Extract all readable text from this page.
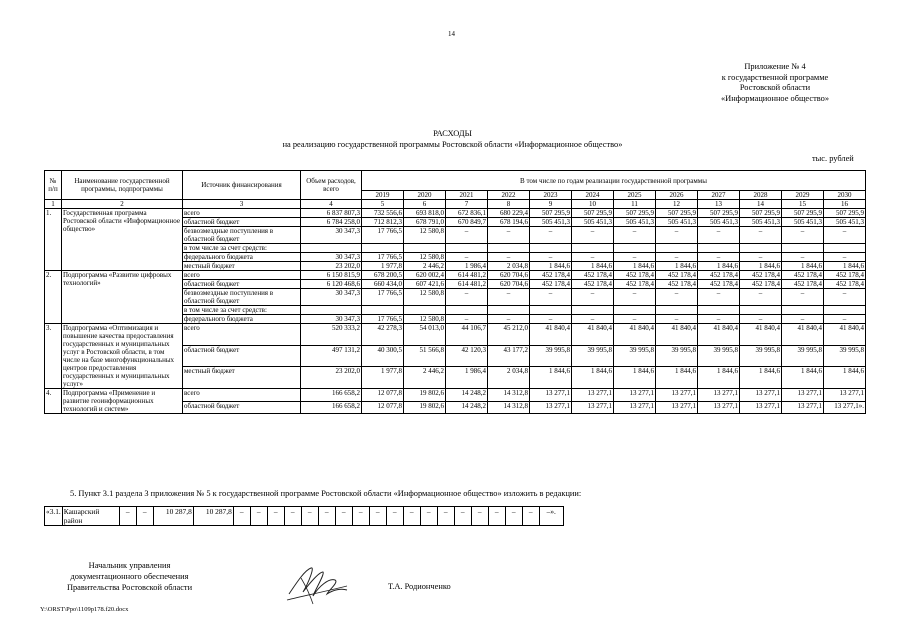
14
Приложение № 4
к государственной программе
Ростовской области
«Информационное общество»
РАСХОДЫ
на реализацию государственной программы Ростовской области «Информационное общество»
тыс. рублей
№ п/п	Наименование государственной программы, подпрограммы	Источник финансирования	Объем расходов, всего	В том числе по годам реализации государственной программы											
				2019	2020	2021	2022	2023	2024	2025	2026	2027	2028	2029	2030
1	2	3	4	5	6	7	8	9	10	11	12	13	14	15	16
1.	Государственная программа Ростовской области «Информационное общество»	всего	6 837 807,3	732 556,6	693 818,0	672 836,1	680 229,4	507 295,9	507 295,9	507 295,9	507 295,9	507 295,9	507 295,9	507 295,9	507 295,9
		областной бюджет	6 784 258,0	712 812,3	678 791,0	670 849,7	678 194,6	505 451,3	505 451,3	505 451,3	505 451,3	505 451,3	505 451,3	505 451,3	505 451,3
		безвозмездные поступления в областной бюджет	30 347,3	17 766,5	12 580,8	–	–	–	–	–	–	–	–	–	–
		в том числе за счет средств:													
		федерального бюджета	30 347,3	17 766,5	12 580,8	–	–	–	–	–	–	–	–	–	–
		местный бюджет	23 202,0	1 977,8	2 446,2	1 986,4	2 034,8	1 844,6	1 844,6	1 844,6	1 844,6	1 844,6	1 844,6	1 844,6	1 844,6
2.	Подпрограмма «Развитие цифровых технологий»	всего	6 150 815,9	678 200,5	620 002,4	614 481,2	620 704,6	452 178,4	452 178,4	452 178,4	452 178,4	452 178,4	452 178,4	452 178,4	452 178,4
		областной бюджет	6 120 468,6	660 434,0	607 421,6	614 481,2	620 704,6	452 178,4	452 178,4	452 178,4	452 178,4	452 178,4	452 178,4	452 178,4	452 178,4
		безвозмездные поступления в областной бюджет	30 347,3	17 766,5	12 580,8	–	–	–	–	–	–	–	–	–	–
		в том числе за счет средств:													
		федерального бюджета	30 347,3	17 766,5	12 580,8	–	–	–	–	–	–	–	–	–	–
3.	Подпрограмма «Оптимизация и повышение качества предоставления государственных и муниципальных услуг в Ростовской области, в том числе на базе многофункциональных центров предоставления государственных и муниципальных услуг»	всего	520 333,2	42 278,3	54 013,0	44 106,7	45 212,0	41 840,4	41 840,4	41 840,4	41 840,4	41 840,4	41 840,4	41 840,4	41 840,4
		областной бюджет	497 131,2	40 300,5	51 566,8	42 120,3	43 177,2	39 995,8	39 995,8	39 995,8	39 995,8	39 995,8	39 995,8	39 995,8	39 995,8
		местный бюджет	23 202,0	1 977,8	2 446,2	1 986,4	2 034,8	1 844,6	1 844,6	1 844,6	1 844,6	1 844,6	1 844,6	1 844,6	1 844,6
4.	Подпрограмма «Применение и развитие геоинформационных технологий и систем»	всего	166 658,2	12 077,8	19 802,6	14 248,2	14 312,8	13 277,1	13 277,1	13 277,1	13 277,1	13 277,1	13 277,1	13 277,1	13 277,1
		областной бюджет	166 658,2	12 077,8	19 802,6	14 248,2	14 312,8	13 277,1	13 277,1	13 277,1	13 277,1	13 277,1	13 277,1	13 277,1	13 277,1».
5. Пункт 3.1 раздела 3 приложения № 5 к государственной программе Ростовской области «Информационное общество» изложить в редакции:
«3.1.	Кашарский район	–	–	10 287,8	10 287,8	–	–	–	–	–	–	–	–	–	–	–	–	–	–	–	–	–	–	–».
Начальник управления
документационного обеспечения
Правительства Ростовской области	Т.А. Родионченко
Y:\ORST\Ppo\1109p178.f20.docx
